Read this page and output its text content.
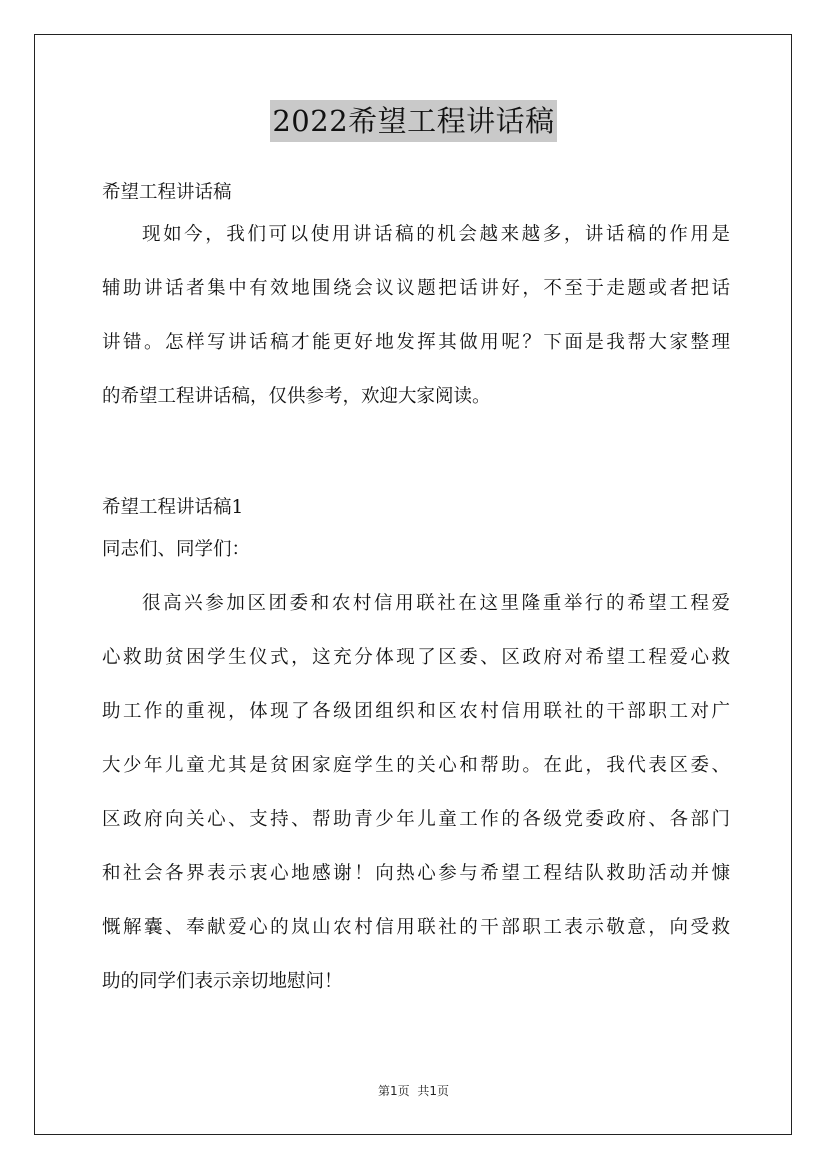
2022希望工程讲话稿
希望工程讲话稿
现如今，我们可以使用讲话稿的机会越来越多，讲话稿的作用是
辅助讲话者集中有效地围绕会议议题把话讲好，不至于走题或者把话
讲错。怎样写讲话稿才能更好地发挥其做用呢？下面是我帮大家整理
的希望工程讲话稿，仅供参考，欢迎大家阅读。
希望工程讲话稿1
同志们、同学们：
很高兴参加区团委和农村信用联社在这里隆重举行的希望工程爱
心救助贫困学生仪式，这充分体现了区委、区政府对希望工程爱心救
助工作的重视，体现了各级团组织和区农村信用联社的干部职工对广
大少年儿童尤其是贫困家庭学生的关心和帮助。在此，我代表区委、
区政府向关心、支持、帮助青少年儿童工作的各级党委政府、各部门
和社会各界表示衷心地感谢！向热心参与希望工程结队救助活动并慷
慨解囊、奉献爱心的岚山农村信用联社的干部职工表示敬意，向受救
助的同学们表示亲切地慰问！
第1页 共1页
